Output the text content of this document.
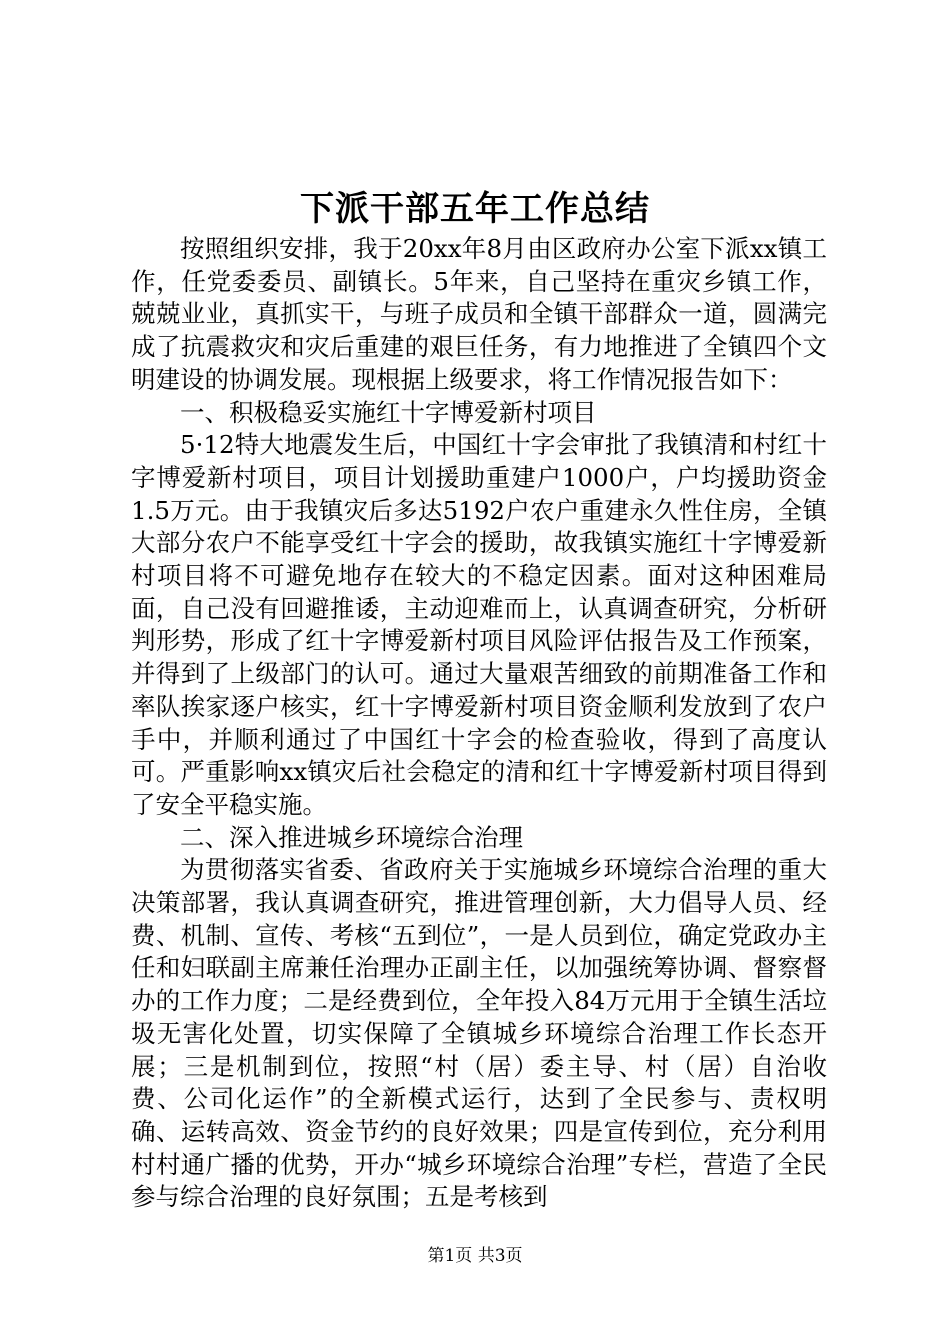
下派干部五年工作总结

按照组织安排，我于20xx年8月由区政府办公室下派xx镇工作，任党委委员、副镇长。5年来，自己坚持在重灾乡镇工作，兢兢业业，真抓实干，与班子成员和全镇干部群众一道，圆满完成了抗震救灾和灾后重建的艰巨任务，有力地推进了全镇四个文明建设的协调发展。现根据上级要求，将工作情况报告如下：

一、积极稳妥实施红十字博爱新村项目

5·12特大地震发生后，中国红十字会审批了我镇清和村红十字博爱新村项目，项目计划援助重建户1000户，户均援助资金1.5万元。由于我镇灾后多达5192户农户重建永久性住房，全镇大部分农户不能享受红十字会的援助，故我镇实施红十字博爱新村项目将不可避免地存在较大的不稳定因素。面对这种困难局面，自己没有回避推诿，主动迎难而上，认真调查研究，分析研判形势，形成了红十字博爱新村项目风险评估报告及工作预案，并得到了上级部门的认可。通过大量艰苦细致的前期准备工作和率队挨家逐户核实，红十字博爱新村项目资金顺利发放到了农户手中，并顺利通过了中国红十字会的检查验收，得到了高度认可。严重影响xx镇灾后社会稳定的清和红十字博爱新村项目得到了安全平稳实施。

二、深入推进城乡环境综合治理

为贯彻落实省委、省政府关于实施城乡环境综合治理的重大决策部署，我认真调查研究，推进管理创新，大力倡导人员、经费、机制、宣传、考核“五到位”，一是人员到位，确定党政办主任和妇联副主席兼任治理办正副主任，以加强统筹协调、督察督办的工作力度；二是经费到位，全年投入84万元用于全镇生活垃圾无害化处置，切实保障了全镇城乡环境综合治理工作长态开展；三是机制到位，按照“村（居）委主导、村（居）自治收费、公司化运作”的全新模式运行，达到了全民参与、责权明确、运转高效、资金节约的良好效果；四是宣传到位，充分利用村村通广播的优势，开办“城乡环境综合治理”专栏，营造了全民参与综合治理的良好氛围；五是考核到

第1页 共3页
